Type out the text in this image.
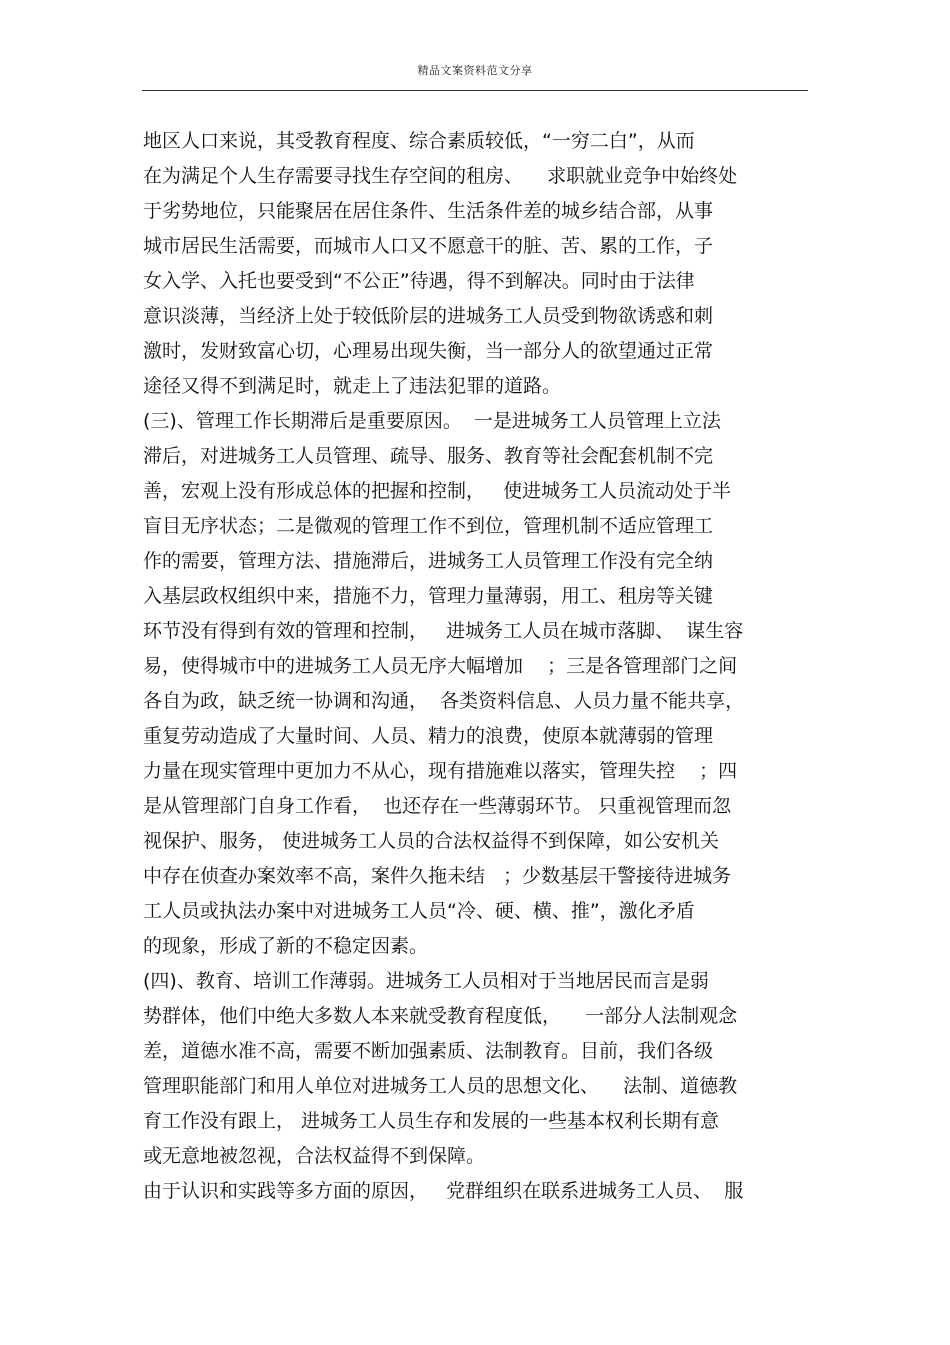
精品文案资料范文分享
地区人口来说，其受教育程度、综合素质较低，“一穷二白”，从而
在为满足个人生存需要寻找生存空间的租房、    求职就业竞争中始终处
于劣势地位，只能聚居在居住条件、生活条件差的城乡结合部，从事
城市居民生活需要，而城市人口又不愿意干的脏、苦、累的工作，子
女入学、入托也要受到“不公正”待遇，得不到解决。同时由于法律
意识淡薄，当经济上处于较低阶层的进城务工人员受到物欲诱惑和刺
激时，发财致富心切，心理易出现失衡，当一部分人的欲望通过正常
途径又得不到满足时，就走上了违法犯罪的道路。
(三)、管理工作长期滞后是重要原因。  一是进城务工人员管理上立法
滞后，对进城务工人员管理、疏导、服务、教育等社会配套机制不完
善，宏观上没有形成总体的把握和控制，   使进城务工人员流动处于半
盲目无序状态；二是微观的管理工作不到位，管理机制不适应管理工
作的需要，管理方法、措施滞后，进城务工人员管理工作没有完全纳
入基层政权组织中来，措施不力，管理力量薄弱，用工、租房等关键
环节没有得到有效的管理和控制，   进城务工人员在城市落脚、  谋生容
易，使得城市中的进城务工人员无序大幅增加    ；三是各管理部门之间
各自为政，缺乏统一协调和沟通，  各类资料信息、人员力量不能共享，
重复劳动造成了大量时间、人员、精力的浪费，使原本就薄弱的管理
力量在现实管理中更加力不从心，现有措施难以落实，管理失控    ；四
是从管理部门自身工作看，  也还存在一些薄弱环节。 只重视管理而忽
视保护、服务， 使进城务工人员的合法权益得不到保障，如公安机关
中存在侦查办案效率不高，案件久拖未结   ；少数基层干警接待进城务
工人员或执法办案中对进城务工人员“冷、硬、横、推”，激化矛盾
的现象，形成了新的不稳定因素。
(四)、教育、培训工作薄弱。进城务工人员相对于当地居民而言是弱
势群体，他们中绝大多数人本来就受教育程度低，    一部分人法制观念
差，道德水准不高，需要不断加强素质、法制教育。目前，我们各级
管理职能部门和用人单位对进城务工人员的思想文化、    法制、道德教
育工作没有跟上， 进城务工人员生存和发展的一些基本权利长期有意
或无意地被忽视，合法权益得不到保障。
由于认识和实践等多方面的原因，   党群组织在联系进城务工人员、  服
